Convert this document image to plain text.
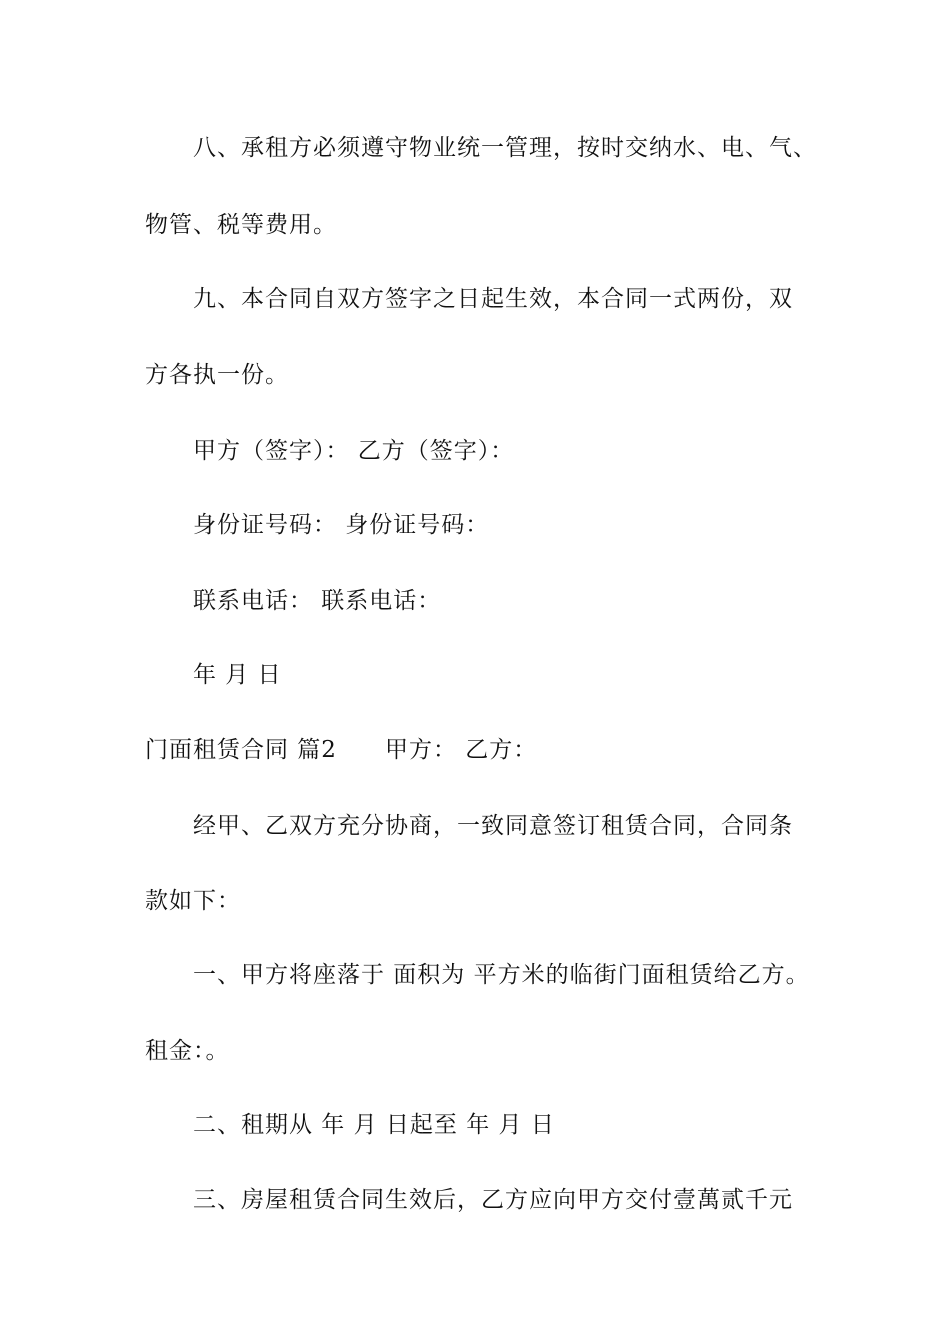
八、承租方必须遵守物业统一管理，按时交纳水、电、气、
物管、税等费用。
九、本合同自双方签字之日起生效，本合同一式两份，双
方各执一份。
甲方（签字）： 乙方（签字）：
身份证号码： 身份证号码：
联系电话： 联系电话：
年 月 日
门面租赁合同 篇2 甲方： 乙方：
经甲、乙双方充分协商，一致同意签订租赁合同，合同条
款如下：
一、甲方将座落于 面积为 平方米的临街门面租赁给乙方。
租金：。
二、租期从 年 月 日起至 年 月 日
三、房屋租赁合同生效后，乙方应向甲方交付壹萬贰千元
